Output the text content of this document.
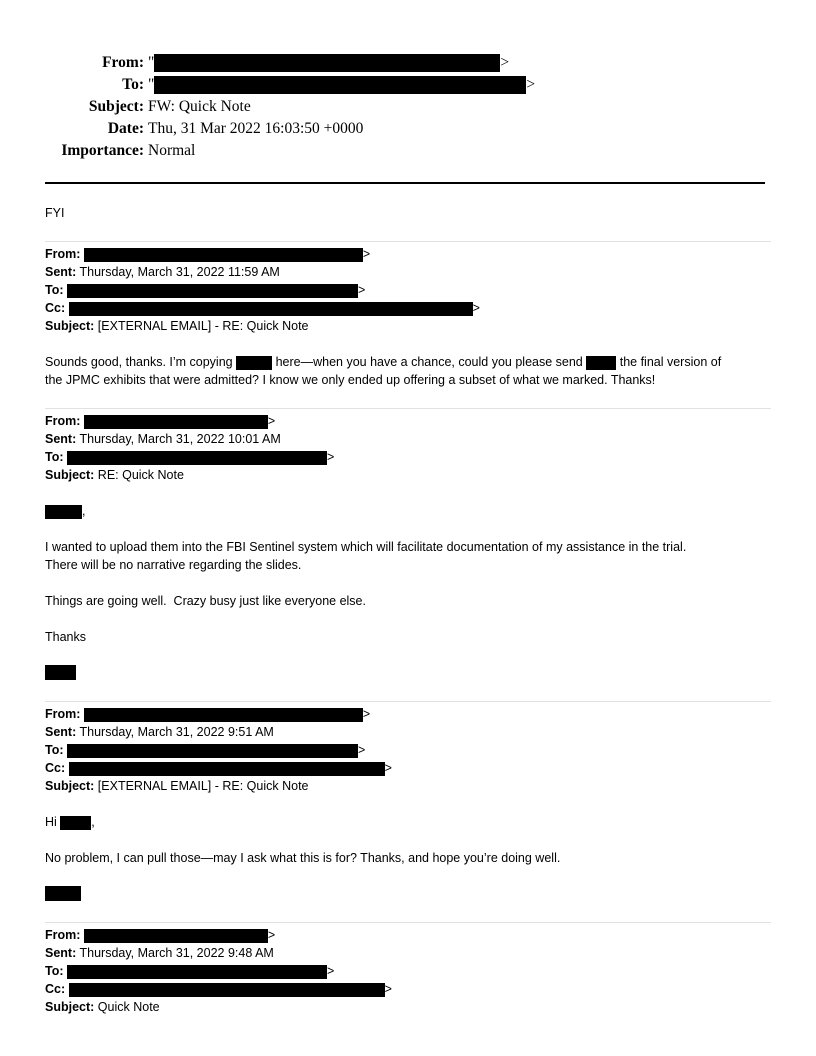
From: "	>
To: "	>
Subject: FW: Quick Note
Date: Thu, 31 Mar 2022 16:03:50 +0000
Importance: Normal
FYI
From:	>
Sent: Thursday, March 31, 2022 11:59 AM
To:	>
Cc:	>
Subject: [EXTERNAL EMAIL] - RE: Quick Note
Sounds good, thanks. I’m copying	here—when you have a chance, could you please send	the final version of
the JPMC exhibits that were admitted? I know we only ended up offering a subset of what we marked. Thanks!
From:	>
Sent: Thursday, March 31, 2022 10:01 AM
To:	>
Subject: RE: Quick Note
,
I wanted to upload them into the FBI Sentinel system which will facilitate documentation of my assistance in the trial.
There will be no narrative regarding the slides.
Things are going well.  Crazy busy just like everyone else.
Thanks
From:	>
Sent: Thursday, March 31, 2022 9:51 AM
To:	>
Cc:	>
Subject: [EXTERNAL EMAIL] - RE: Quick Note
Hi	,
No problem, I can pull those—may I ask what this is for? Thanks, and hope you’re doing well.
From:	>
Sent: Thursday, March 31, 2022 9:48 AM
To:	>
Cc:	>
Subject: Quick Note
